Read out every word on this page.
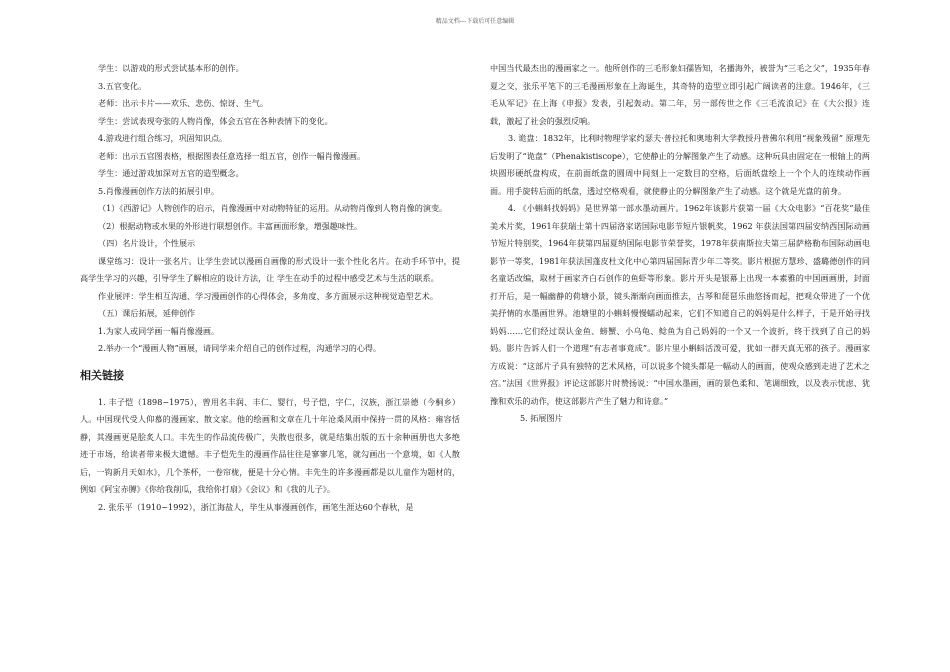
精品文档---下载后可任意编辑

学生：以游戏的形式尝试基本形的创作。

3.五官变化。

老师：出示卡片——欢乐、悲伤、惊讶、生气。

学生：尝试表现夸张的人物肖像，体会五官在各种表情下的变化。

4.游戏进行组合练习，巩固知识点。

老师：出示五官图表格，根据图表任意选择一组五官，创作一幅肖像漫画。

学生：通过游戏加深对五官的造型概念。

5.肖像漫画创作方法的拓展引申。

（1）《西游记》人物创作的启示，肖像漫画中对动物特征的运用。从动物肖像到人物肖像的演变。

（2）根据动物或水果的外形进行联想创作。丰富画面形象，增强趣味性。

（四）名片设计，个性展示

课堂练习：设计一张名片。让学生尝试以漫画自画像的形式设计一张个性化名片。在动手环节中，提高学生学习的兴趣，引导学生了解相应的设计方法，让 学生在动手的过程中感受艺术与生活的联系。

作业展评：学生相互沟通、学习漫画创作的心得体会，多角度、多方面展示这种视觉造型艺术。

（五）课后拓展，延伸创作

1.为家人或同学画一幅肖像漫画。

2.举办一个“漫画人物”画展，请同学来介绍自己的创作过程，沟通学习的心得。

相关链接

1. 丰子恺（1898~1975），曾用名丰润、丰仁、婴行，号子恺，字仁，汉族，浙江崇德（今桐乡）人。中国现代受人仰慕的漫画家、散文家。他的绘画和文章在几十年沧桑风雨中保持一贯的风格：雍容恬静，其漫画更是脍炙人口。丰先生的作品流传极广，失散也很多，就是结集出版的五十余种画册也大多绝迹于市场，给读者带来极大遗憾。丰子恺先生的漫画作品往往是寥寥几笔，就勾画出一个意境，如《人散后，一钩新月天如水》，几个茶杯，一卷帘栊，便是十分心情。丰先生的许多漫画都是以儿童作为题材的，例如《阿宝赤膊》《你给我削瓜，我给你打扇》《会议》和《我的儿子》。

2. 张乐平（1910~1992），浙江海盐人，毕生从事漫画创作，画笔生涯达60个春秋，是

中国当代最杰出的漫画家之一。他所创作的三毛形象妇孺皆知，名播海外，被誉为“三毛之父”，1935年春夏之交，张乐平笔下的三毛漫画形象在上海诞生，其奇特的造型立即引起广阔读者的注意。1946年，《三毛从军记》在上海《申报》发表，引起轰动。第二年，另一部传世之作《三毛流浪记》在《大公报》连载，激起了社会的强烈反响。

3. 诡盘：1832年，比利时物理学家约瑟夫·普拉托和奥地利大学教授丹普佛尔利用“视象残留” 原理先后发明了“诡盘”（Phenakistiscope），它使静止的分解图象产生了动感。这种玩具由固定在一根轴上的两块圆形硬纸盘构成，在前面纸盘的圆周中间刻上一定数目的空格，后面纸盘绘上一个个人的连续动作画面。用手旋转后面的纸盘，透过空格观看，就使静止的分解图象产生了动感。这个就是光盘的前身。

4. 《小蝌蚪找妈妈》是世界第一部水墨动画片。1962年该影片获第一届《大众电影》“百花奖”最佳美术片奖，1961年获瑞士第十四届洛家诺国际电影节短片银帆奖，1962 年获法国第四届安纳西国际动画节短片特别奖，1964年获第四届夏纳国际电影节荣誉奖，1978年获南斯拉夫第三届萨格勒布国际动画电影节一等奖，1981年获法国蓬皮杜文化中心第四届国际青少年二等奖。影片根据方慧珍、盛璐德创作的同名童话改编，取材于画家齐白石创作的鱼虾等形象。影片开头是银幕上出现一本素雅的中国画画册，封面打开后，是一幅幽静的荷塘小景，镜头渐渐向画面推去，古琴和琵琶乐曲悠扬而起，把观众带进了一个优美抒情的水墨画世界。池塘里的小蝌蚪慢慢蠕动起来，它们不知道自己的妈妈是什么样子，于是开始寻找妈妈……它们经过误认金鱼、螃蟹、小乌龟、鲶鱼为自己妈妈的一个又一个波折，终于找到了自己的妈妈。影片告诉人们一个道理“有志者事竟成”。影片里小蝌蚪活泼可爱，犹如一群天真无邪的孩子。漫画家方成说：“这部片子具有独特的艺术风格，可以说多个镜头都是一幅动人的画面，使观众感到走进了艺术之宫。”法国《世界报》评论这部影片时赞扬说：“中国水墨画，画的景色柔和、笔调细致，以及表示忧虑、犹豫和欢乐的动作，使这部影片产生了魅力和诗意。”

5. 拓展图片
